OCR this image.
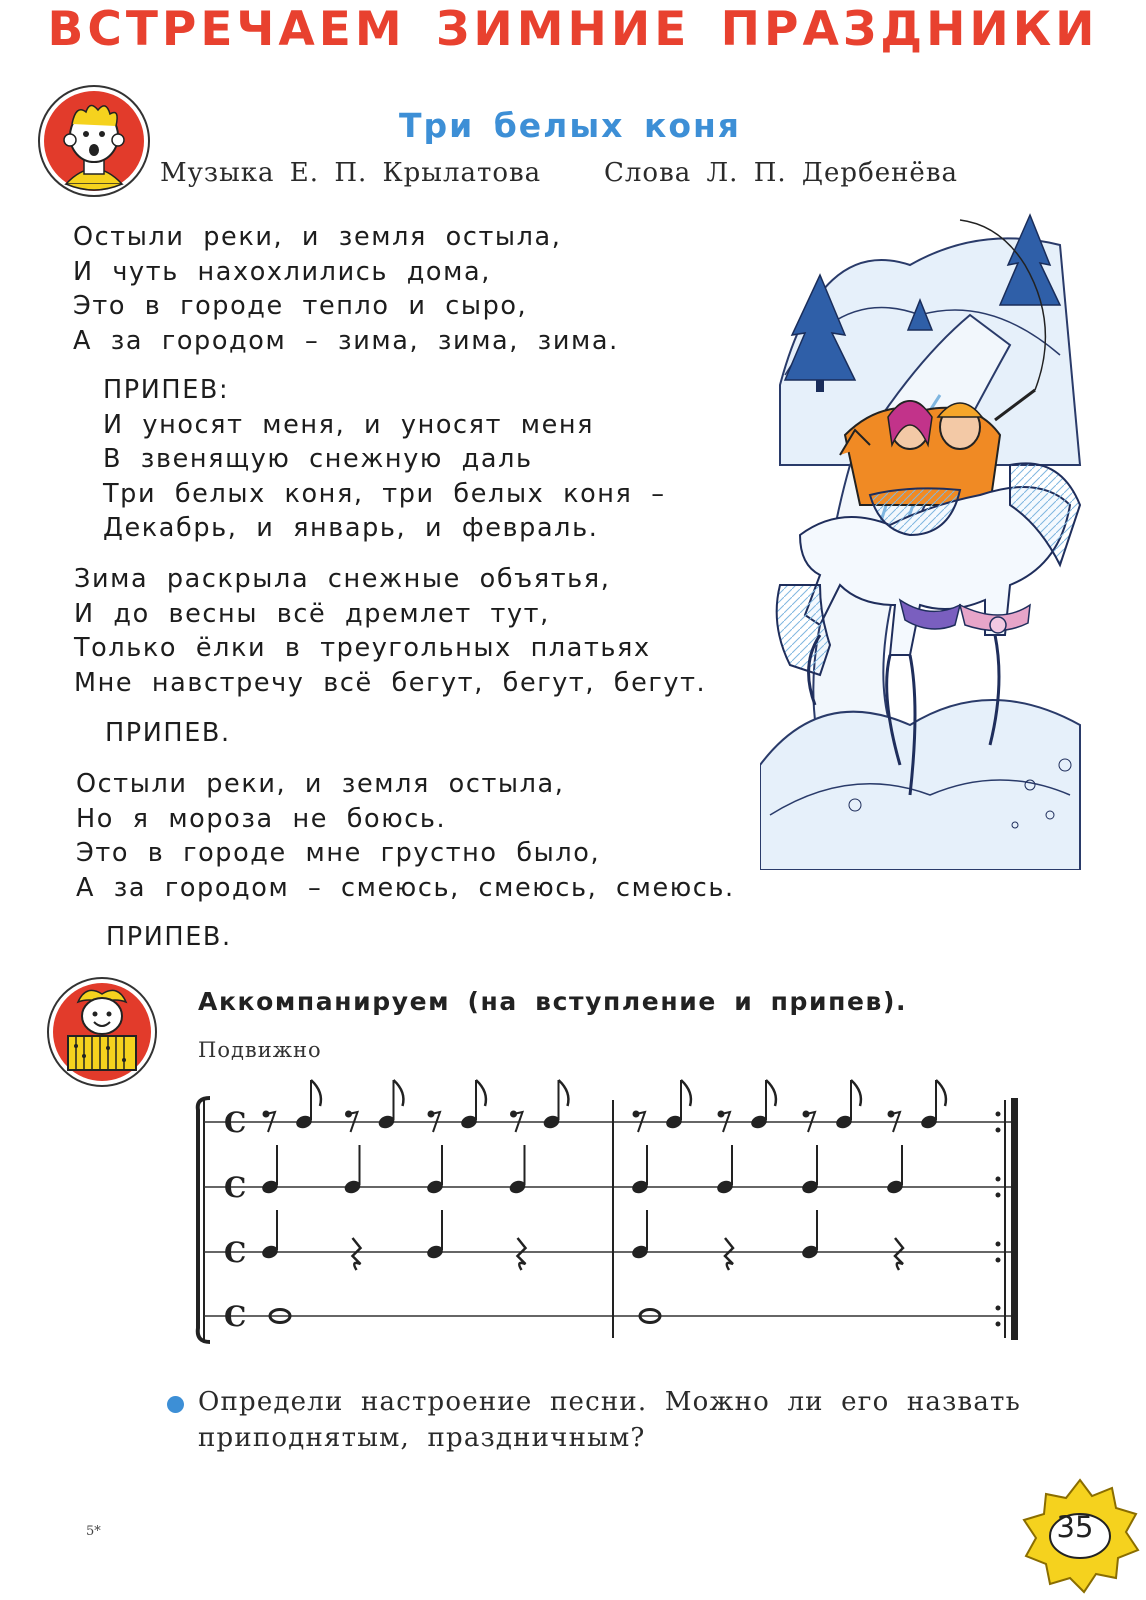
ВСТРЕЧАЕМ ЗИМНИЕ ПРАЗДНИКИ
Три белых коня
Музыка Е. П. Крылатова Слова Л. П. Дербенёва
Остыли реки, и земля остыла,
И чуть нахохлились дома,
Это в городе тепло и сыро,
А за городом – зима, зима, зима.
ПРИПЕВ:
И уносят меня, и уносят меня
В звенящую снежную даль
Три белых коня, три белых коня –
Декабрь, и январь, и февраль.
Зима раскрыла снежные объятья,
И до весны всё дремлет тут,
Только ёлки в треугольных платьях
Мне навстречу всё бегут, бегут, бегут.
ПРИПЕВ.
Остыли реки, и земля остыла,
Но я мороза не боюсь.
Это в городе мне грустно было,
А за городом – смеюсь, смеюсь, смеюсь.
ПРИПЕВ.
Аккомпанируем (на вступление и припев).
Подвижно
C
C
C
C
Определи настроение песни. Можно ли его назвать приподнятым, праздничным?
5*	35
